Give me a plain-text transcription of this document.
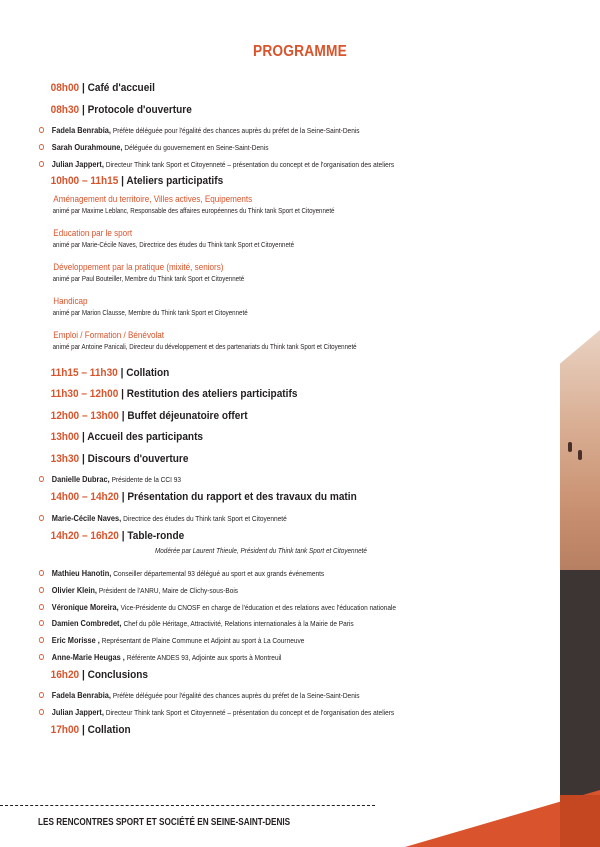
PROGRAMME
08h00 | Café d'accueil
08h30 | Protocole d'ouverture
Fadela Benrabia, Préfète déléguée pour l'égalité des chances auprès du préfet de la Seine-Saint-Denis
Sarah Ourahmoune, Déléguée du gouvernement en Seine-Saint-Denis
Julian Jappert, Directeur Think tank Sport et Citoyenneté – présentation du concept et de l'organisation des ateliers
10h00 – 11h15 | Ateliers participatifs
Aménagement du territoire, Villes actives, Equipements
animé par Maxime Leblanc, Responsable des affaires européennes du Think tank Sport et Citoyenneté
Education par le sport
animé par Marie-Cécile Naves, Directrice des études du Think tank Sport et Citoyenneté
Développement par la pratique (mixité, seniors)
animé par Paul Bouteiller, Membre du Think tank Sport et Citoyenneté
Handicap
animé par Marion Clausse, Membre du Think tank Sport et Citoyenneté
Emploi / Formation / Bénévolat
animé par Antoine Panicali, Directeur du développement et des partenariats du Think tank Sport et Citoyenneté
11h15 – 11h30 | Collation
11h30 – 12h00 | Restitution des ateliers participatifs
12h00 – 13h00 | Buffet déjeunatoire offert
13h00 | Accueil des participants
13h30 | Discours d'ouverture
Danielle Dubrac, Présidente de la CCI 93
14h00 – 14h20 | Présentation du rapport et des travaux du matin
Marie-Cécile Naves, Directrice des études du Think tank Sport et Citoyenneté
14h20 – 16h20 | Table-ronde
Modérée par Laurent Thieule, Président du Think tank Sport et Citoyenneté
Mathieu Hanotin, Conseiller départemental 93 délégué au sport et aux grands événements
Olivier Klein, Président de l'ANRU, Maire de Clichy-sous-Bois
Véronique Moreira, Vice-Présidente du CNOSF en charge de l'éducation et des relations avec l'éducation nationale
Damien Combredet, Chef du pôle Héritage, Attractivité, Relations internationales à la Mairie de Paris
Eric Morisse , Représentant de Plaine Commune et Adjoint au sport à La Courneuve
Anne-Marie Heugas , Référente ANDES 93, Adjointe aux sports à Montreuil
16h20 | Conclusions
Fadela Benrabia, Préfète déléguée pour l'égalité des chances auprès du préfet de la Seine-Saint-Denis
Julian Jappert, Directeur Think tank Sport et Citoyenneté – présentation du concept et de l'organisation des ateliers
17h00 | Collation
LES RENCONTRES SPORT ET SOCIÉTÉ EN SEINE-SAINT-DENIS
